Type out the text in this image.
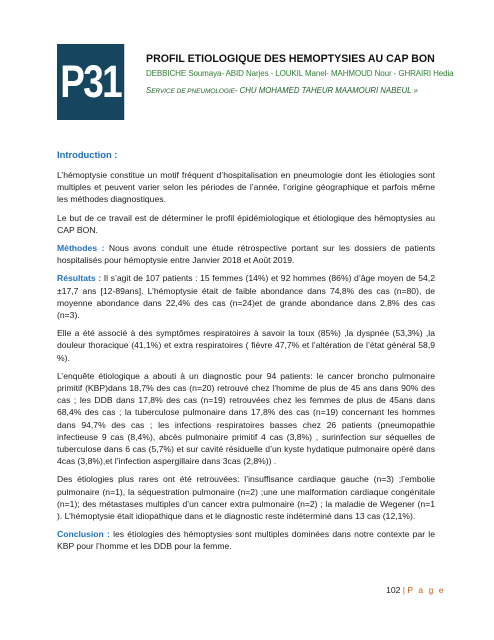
P31	PROFIL ETIOLOGIQUE DES HEMOPTYSIES AU CAP BON

DEBBICHE Soumaya- ABID Narjes - LOUKIL Manel- MAHMOUD Nour - GHRAIRI Hedia

SERVICE DE PNEUMOLOGIE- CHU MOHAMED TAHEUR MAAMOURI NABEUL »

Introduction :

L’hémoptysie constitue un motif fréquent d’hospitalisation en pneumologie dont les étiologies sont multiples et peuvent varier selon les périodes de l’année, l’origine géographique et parfois même les méthodes diagnostiques.

Le but de ce travail est de déterminer le profil épidémiologique et étiologique des hémoptysies au CAP BON.

Méthodes : Nous avons conduit une étude rétrospective portant sur les dossiers de patients hospitalisés pour hémoptysie entre Janvier 2018 et Août 2019.

Résultats : Il s’agit de 107 patients : 15 femmes (14%) et 92 hommes (86%) d’âge moyen de 54,2 ±17,7 ans [12-89ans]. L’hémoptysie était de faible abondance dans 74,8% des cas (n=80), de moyenne abondance dans 22,4% des cas (n=24)et de grande abondance dans 2,8% des cas (n=3).

Elle a été associé à des symptômes respiratoires à savoir la toux (85%) ,la dyspnée (53,3%) ,la douleur thoracique (41,1%) et extra respiratoires ( fièvre 47,7% et l’altération de l’état général 58,9 %).

L’enquête étiologique a abouti à un diagnostic pour 94 patients: le cancer broncho pulmonaire primitif (KBP)dans 18,7% des cas (n=20) retrouvé chez l’homme de plus de 45 ans dans 90% des cas ; les DDB dans 17,8% des cas (n=19) retrouvées chez les femmes de plus de 45ans dans 68,4% des cas ; la tuberculose pulmonaire dans 17,8% des cas (n=19) concernant les hommes dans 94,7% des cas ; les infections respiratoires basses chez 26 patients (pneumopathie infectieuse 9 cas (8,4%), abcès pulmonaire primitif 4 cas (3,8%) , surinfection sur séquelles de tuberculose dans 6 cas (5,7%) et sur cavité résiduelle d’un kyste hydatique pulmonaire opéré dans 4cas (3,8%),et l’infection aspergillaire dans 3cas (2,8%)) .

Des étiologies plus rares ont été retrouvées: l’insuffisance cardiaque gauche (n=3) ;l’embolie pulmonaire (n=1), la séquestration pulmonaire (n=2) ;une une malformation cardiaque congénitale (n=1); des métastases multiples d’un cancer extra pulmonaire (n=2) ; la maladie de Wegener (n=1 ). L’hémoptysie était idiopathique dans et le diagnostic reste indéterminé dans 13 cas (12,1%).

Conclusion : les étiologies des hémoptysies sont multiples dominées dans notre contexte par le KBP pour l’homme et les DDB pour la femme.

102 | P a g e
